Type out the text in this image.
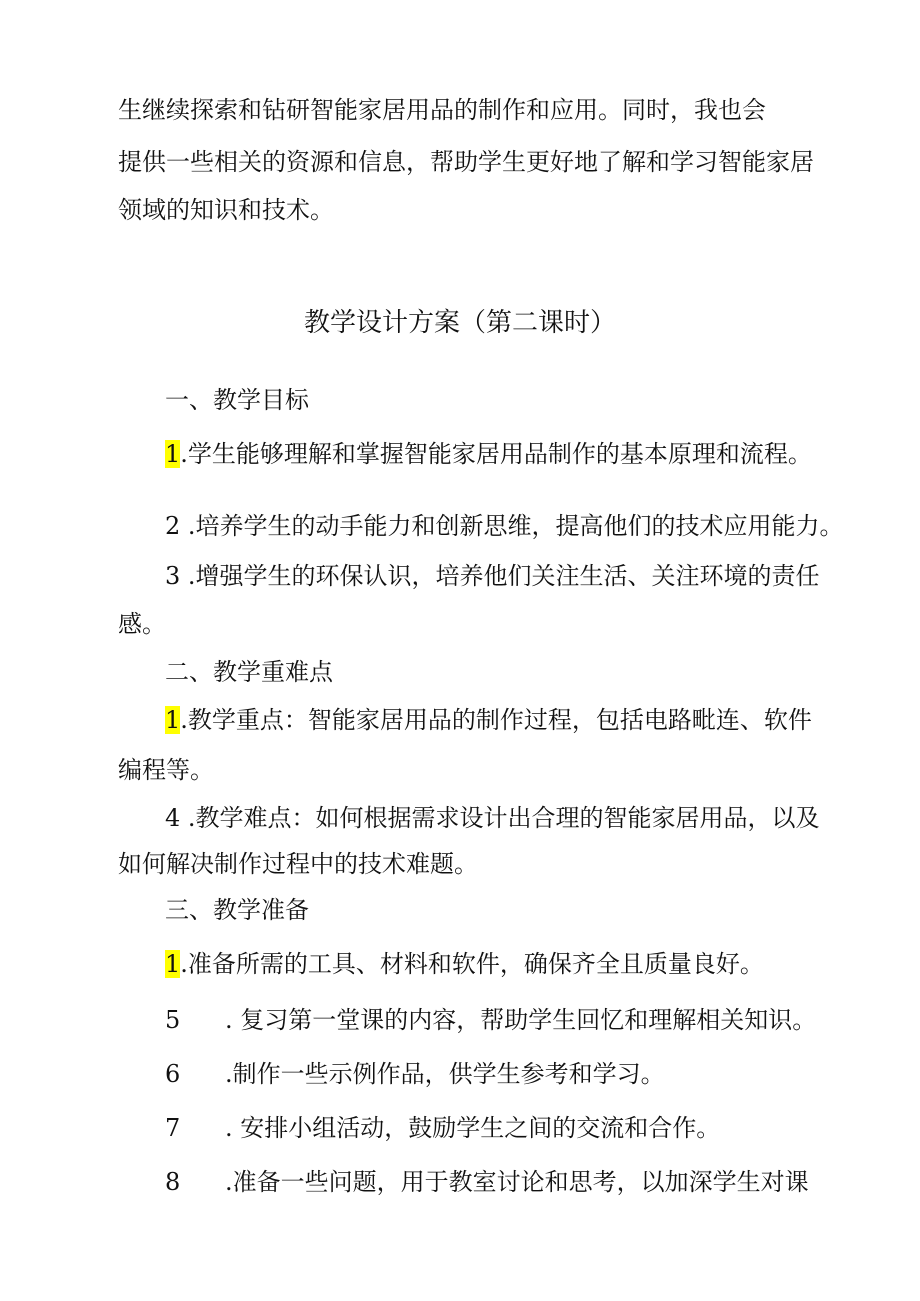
生继续探索和钻研智能家居用品的制作和应用。同时，我也会
提供一些相关的资源和信息，帮助学生更好地了解和学习智能家居
领域的知识和技术。
教学设计方案（第二课时）
一、教学目标
1.学生能够理解和掌握智能家居用品制作的基本原理和流程。
2 .培养学生的动手能力和创新思维，提高他们的技术应用能力。
3 .增强学生的环保认识，培养他们关注生活、关注环境的责任
感。
二、教学重难点
1.教学重点：智能家居用品的制作过程，包括电路毗连、软件
编程等。
4 .教学难点：如何根据需求设计出合理的智能家居用品，以及
如何解决制作过程中的技术难题。
三、教学准备
1.准备所需的工具、材料和软件，确保齐全且质量良好。
5 . 复习第一堂课的内容，帮助学生回忆和理解相关知识。
6 .制作一些示例作品，供学生参考和学习。
7 . 安排小组活动，鼓励学生之间的交流和合作。
8 .准备一些问题，用于教室讨论和思考，以加深学生对课
